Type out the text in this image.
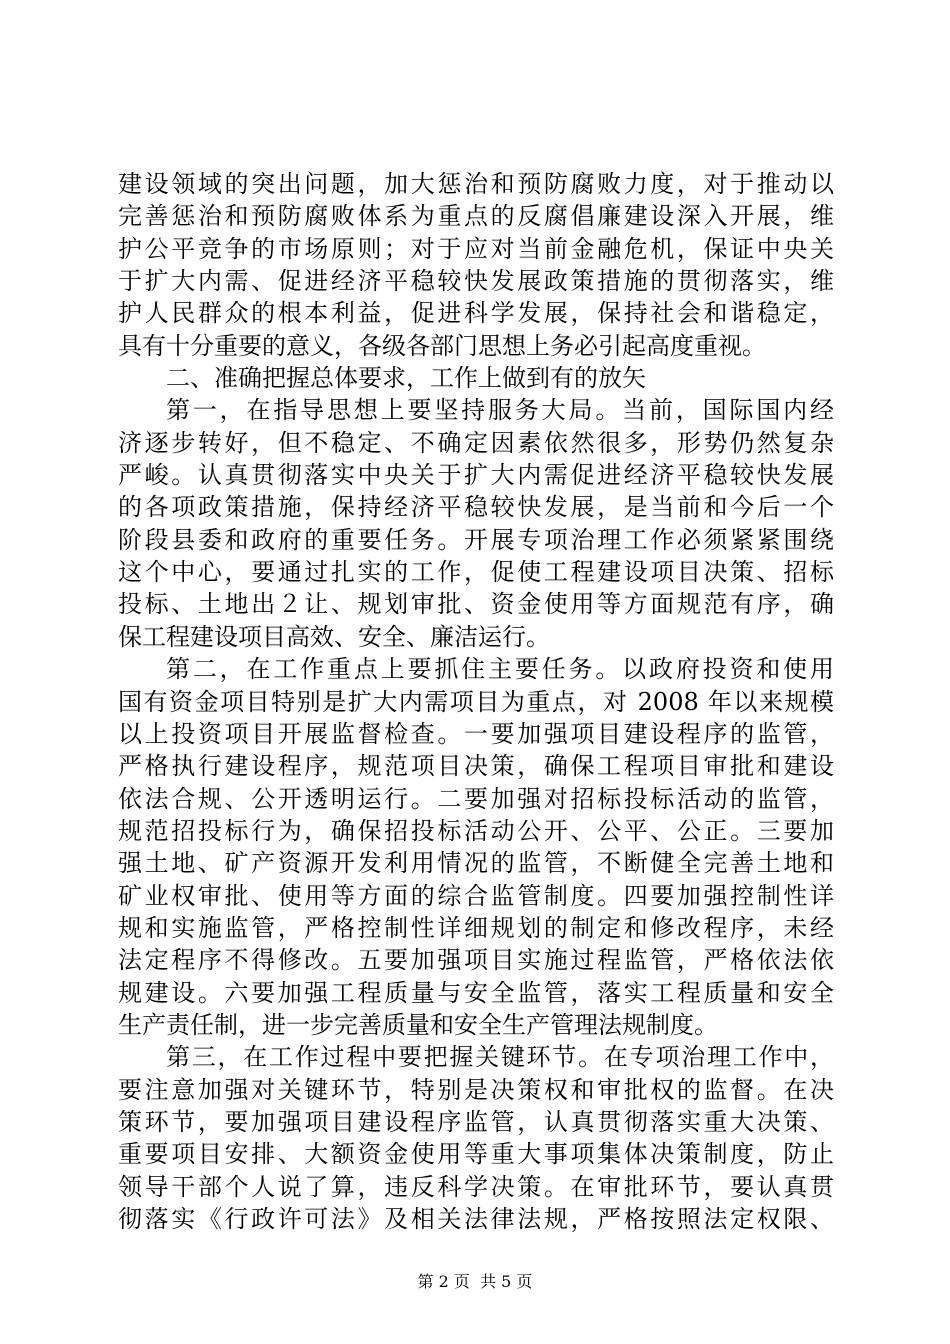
建设领域的突出问题，加大惩治和预防腐败力度，对于推动以
完善惩治和预防腐败体系为重点的反腐倡廉建设深入开展，维
护公平竞争的市场原则；对于应对当前金融危机，保证中央关
于扩大内需、促进经济平稳较快发展政策措施的贯彻落实，维
护人民群众的根本利益，促进科学发展，保持社会和谐稳定，
具有十分重要的意义，各级各部门思想上务必引起高度重视。
二、准确把握总体要求，工作上做到有的放矢
第一，在指导思想上要坚持服务大局。当前，国际国内经
济逐步转好，但不稳定、不确定因素依然很多，形势仍然复杂
严峻。认真贯彻落实中央关于扩大内需促进经济平稳较快发展
的各项政策措施，保持经济平稳较快发展，是当前和今后一个
阶段县委和政府的重要任务。开展专项治理工作必须紧紧围绕
这个中心，要通过扎实的工作，促使工程建设项目决策、招标
投标、土地出２让、规划审批、资金使用等方面规范有序，确
保工程建设项目高效、安全、廉洁运行。
第二，在工作重点上要抓住主要任务。以政府投资和使用
国有资金项目特别是扩大内需项目为重点，对 2008 年以来规模
以上投资项目开展监督检查。一要加强项目建设程序的监管，
严格执行建设程序，规范项目决策，确保工程项目审批和建设
依法合规、公开透明运行。二要加强对招标投标活动的监管，
规范招投标行为，确保招投标活动公开、公平、公正。三要加
强土地、矿产资源开发利用情况的监管，不断健全完善土地和
矿业权审批、使用等方面的综合监管制度。四要加强控制性详
规和实施监管，严格控制性详细规划的制定和修改程序，未经
法定程序不得修改。五要加强项目实施过程监管，严格依法依
规建设。六要加强工程质量与安全监管，落实工程质量和安全
生产责任制，进一步完善质量和安全生产管理法规制度。
第三，在工作过程中要把握关键环节。在专项治理工作中，
要注意加强对关键环节，特别是决策权和审批权的监督。在决
策环节，要加强项目建设程序监管，认真贯彻落实重大决策、
重要项目安排、大额资金使用等重大事项集体决策制度，防止
领导干部个人说了算，违反科学决策。在审批环节，要认真贯
彻落实《行政许可法》及相关法律法规，严格按照法定权限、
第 2 页  共 5 页
